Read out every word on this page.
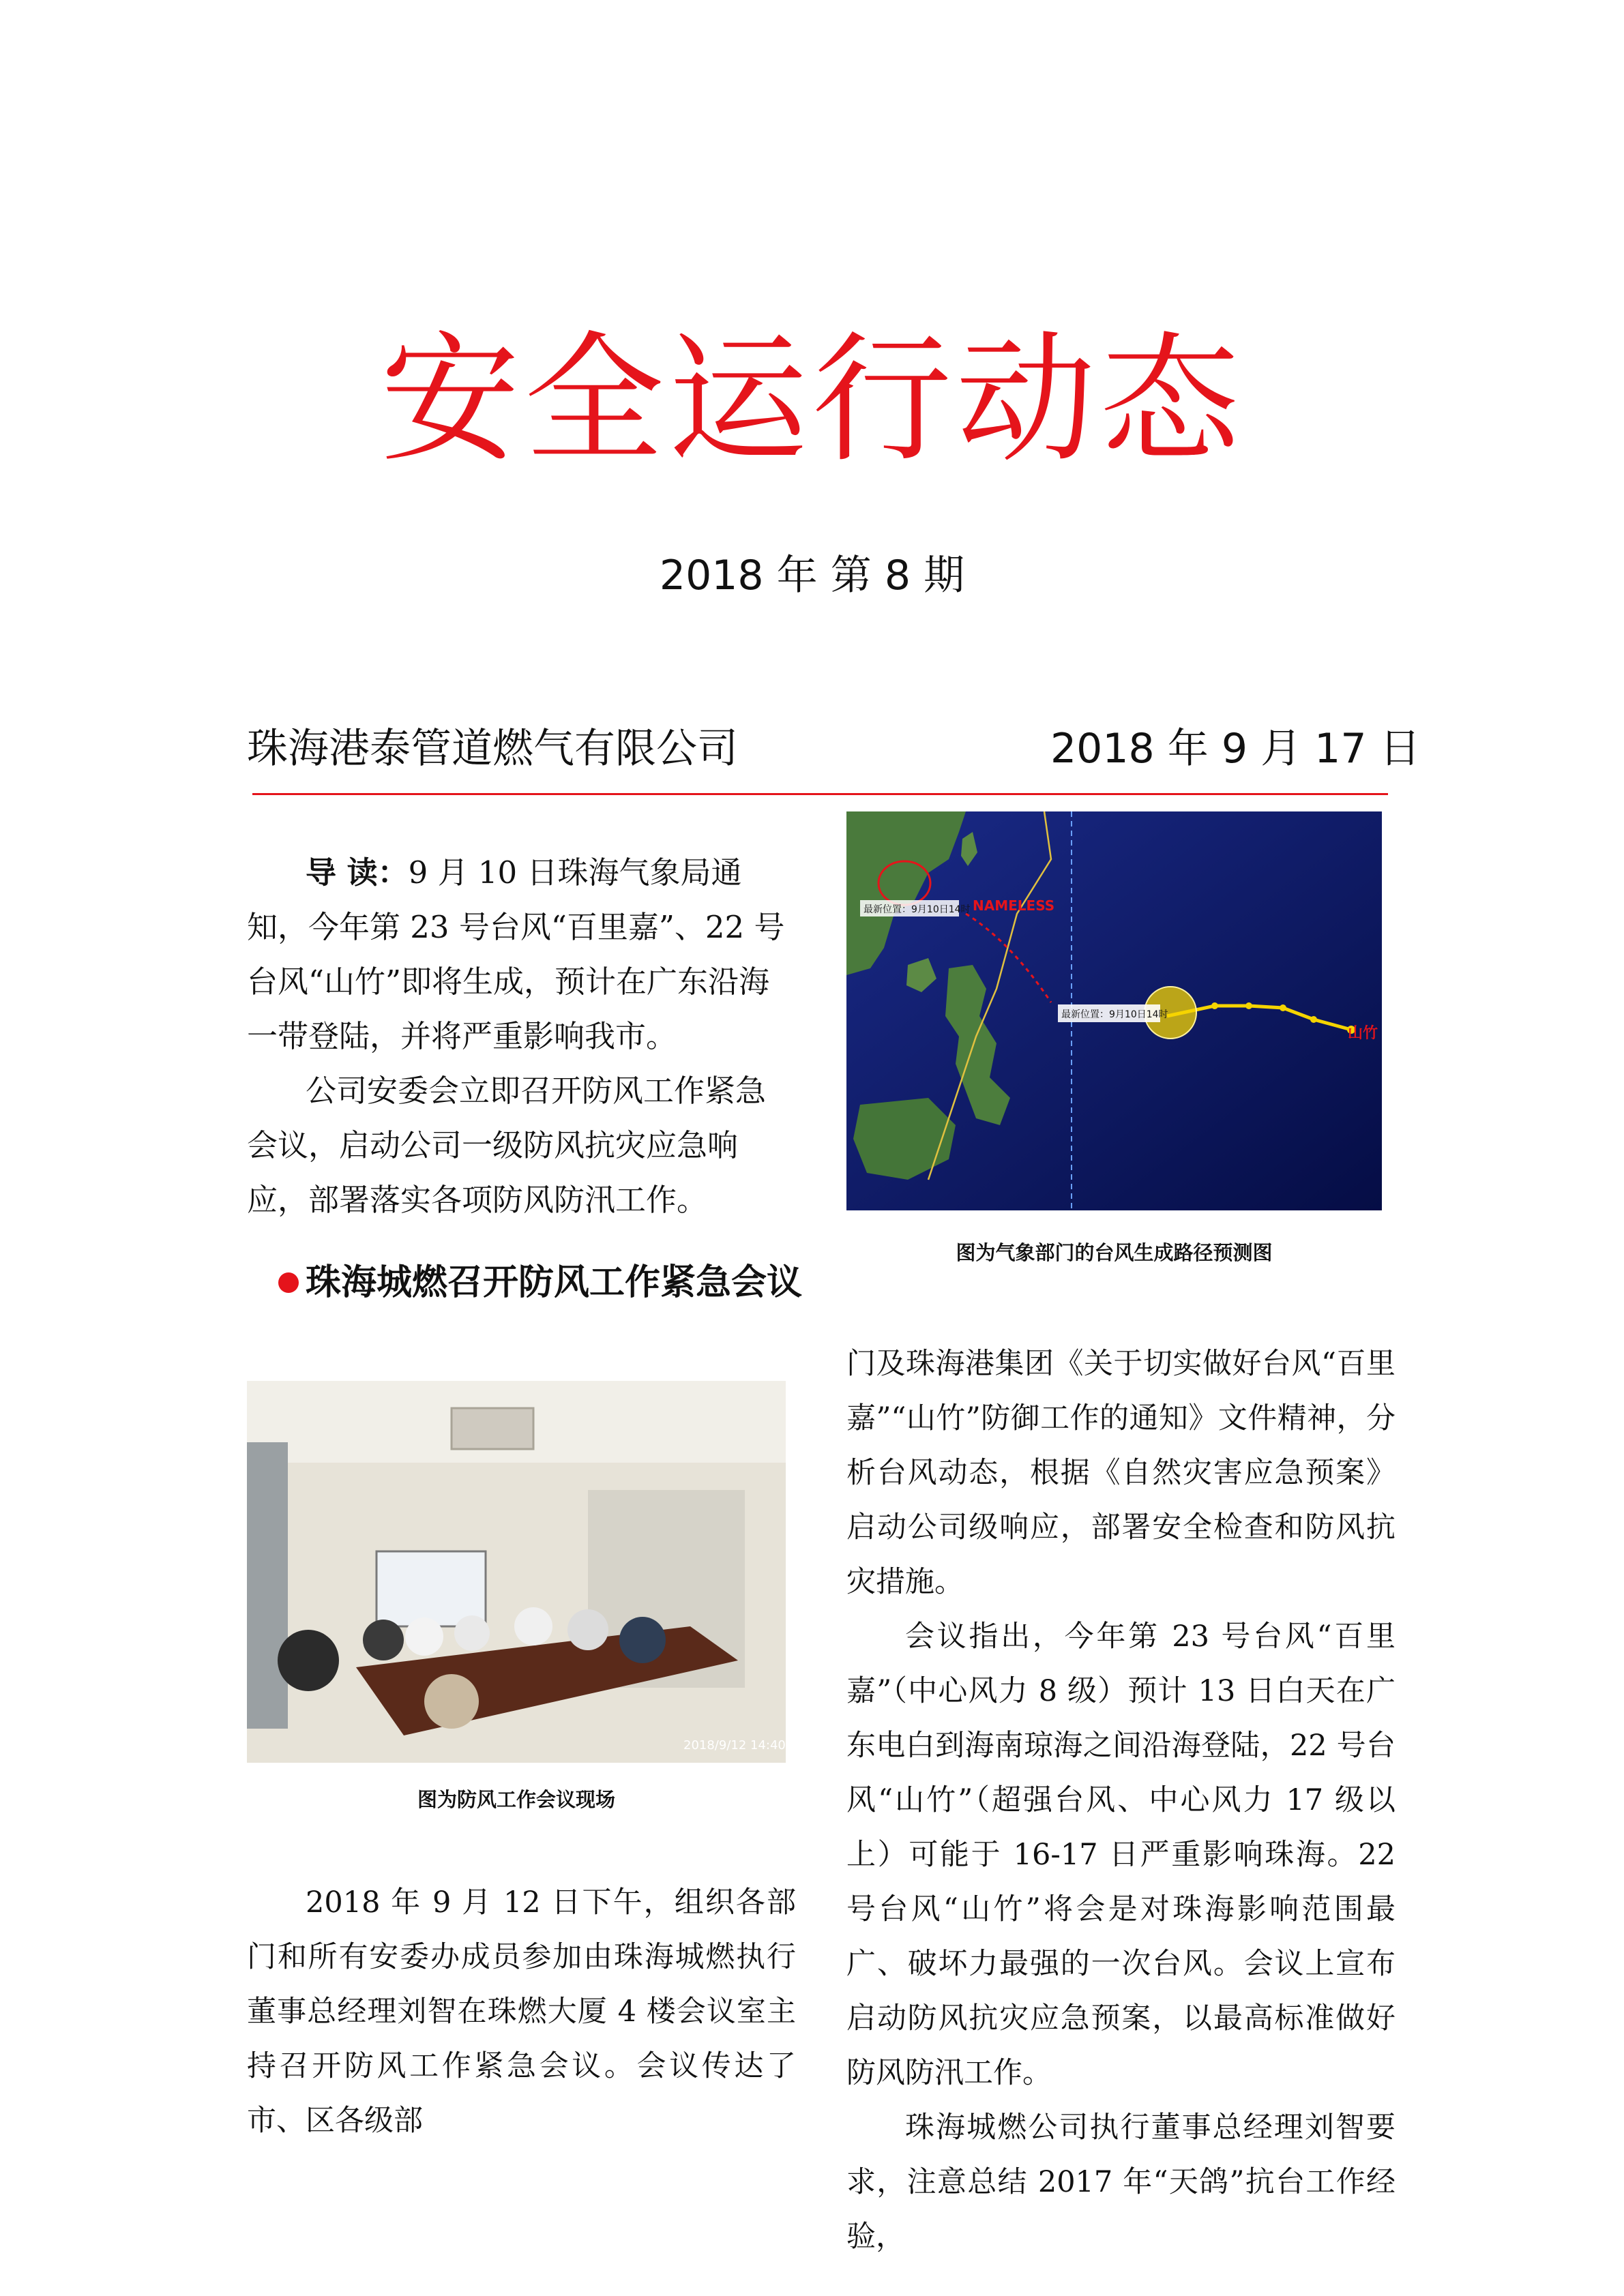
安全运行动态
2018 年 第 8 期
珠海港泰管道燃气有限公司	2018 年 9 月 17 日

导 读：9 月 10 日珠海气象局通知，今年第 23 号台风“百里嘉”、22 号台风“山竹”即将生成，预计在广东沿海一带登陆，并将严重影响我市。

公司安委会立即召开防风工作紧急会议，启动公司一级防风抗灾应急响应，部署落实各项防风防汛工作。

最新位置：9月10日14时 NAMELESS
最新位置：9月10日14时
山竹
图为气象部门的台风生成路径预测图
珠海城燃召开防风工作紧急会议
2018/9/12 14:40
图为防风工作会议现场

2018 年 9 月 12 日下午，组织各部门和所有安委办成员参加由珠海城燃执行董事总经理刘智在珠燃大厦 4 楼会议室主持召开防风工作紧急会议。会议传达了市、区各级部

门及珠海港集团《关于切实做好台风“百里嘉”“山竹”防御工作的通知》文件精神，分析台风动态，根据《自然灾害应急预案》启动公司级响应，部署安全检查和防风抗灾措施。

会议指出，今年第 23 号台风“百里嘉”（中心风力 8 级）预计 13 日白天在广东电白到海南琼海之间沿海登陆，22 号台风“山竹”（超强台风、中心风力 17 级以上）可能于 16-17 日严重影响珠海。22 号台风“山竹”将会是对珠海影响范围最广、破坏力最强的一次台风。会议上宣布启动防风抗灾应急预案，以最高标准做好防风防汛工作。

珠海城燃公司执行董事总经理刘智要求，注意总结 2017 年“天鸽”抗台工作经验，
